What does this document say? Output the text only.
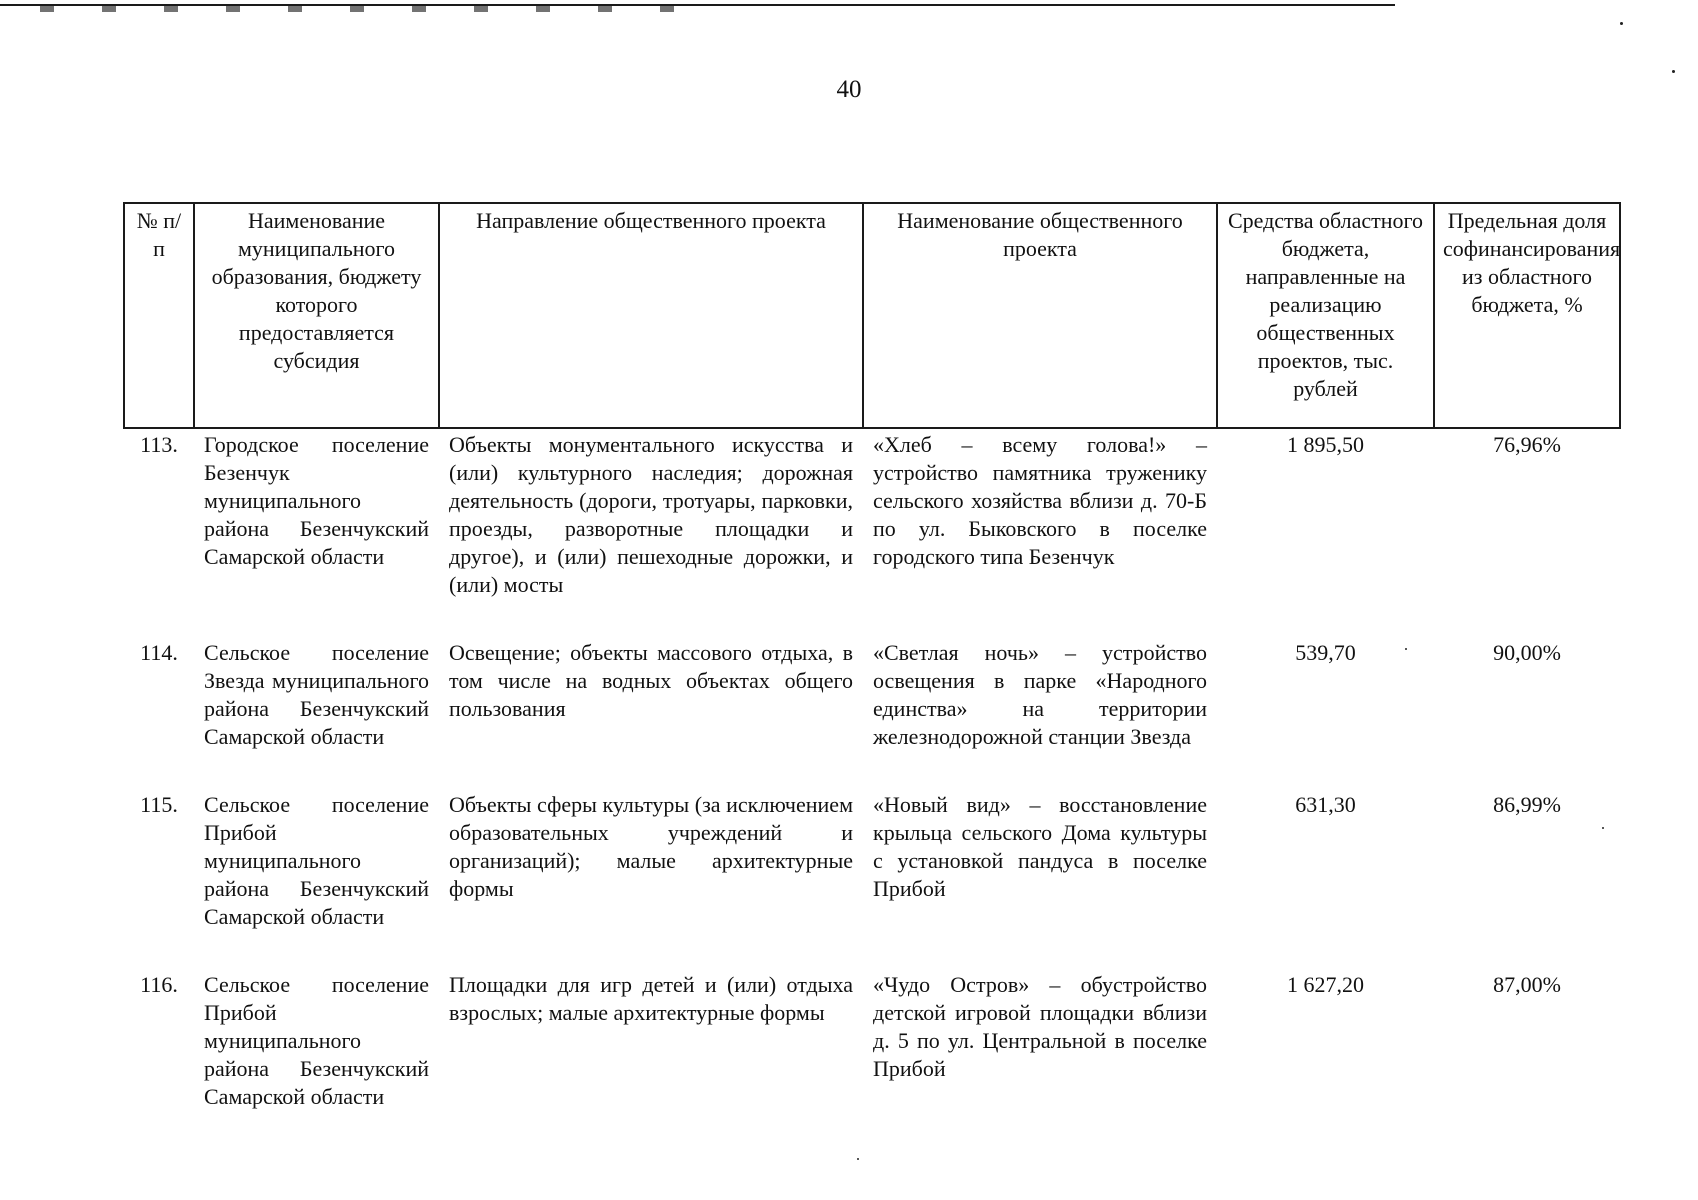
40
№ п/п	Наименование муниципального образования, бюджету которого предоставляется субсидия	Направление общественного проекта	Наименование общественного проекта	Средства областного бюджета, направленные на реализацию общественных проектов, тыс. рублей	Предельная доля софинансирования из областного бюджета, %
113.	Городское поселение Безенчук муниципального района Безенчукский Самарской области	Объекты монументального искусства и (или) культурного наследия; дорожная деятельность (дороги, тротуары, парковки, проезды, разворотные площадки и другое), и (или) пешеходные дорожки, и (или) мосты	«Хлеб – всему голова!» – устройство памятника труженику сельского хозяйства вблизи д. 70-Б по ул. Быковского в поселке городского типа Безенчук	1 895,50	76,96%
114.	Сельское поселение Звезда муниципального района Безенчукский Самарской области	Освещение; объекты массового отдыха, в том числе на водных объектах общего пользования	«Светлая ночь» – устройство освещения в парке «Народного единства» на территории железнодорожной станции Звезда	539,70	90,00%
115.	Сельское поселение Прибой муниципального района Безенчукский Самарской области	Объекты сферы культуры (за исключением образовательных учреждений и организаций); малые архитектурные формы	«Новый вид» – восстановление крыльца сельского Дома культуры с установкой пандуса в поселке Прибой	631,30	86,99%
116.	Сельское поселение Прибой муниципального района Безенчукский Самарской области	Площадки для игр детей и (или) отдыха взрослых; малые архитектурные формы	«Чудо Остров» – обустройство детской игровой площадки вблизи д. 5 по ул. Центральной в поселке Прибой	1 627,20	87,00%
